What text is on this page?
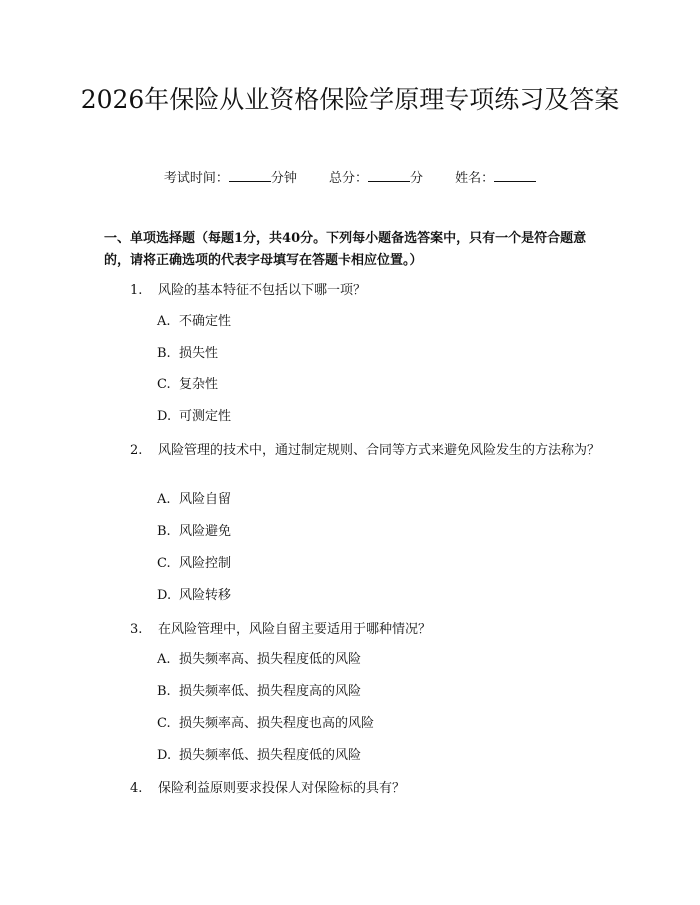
2026年保险从业资格保险学原理专项练习及答案
考试时间：	分钟 总分：	分 姓名：
一、单项选择题（每题1分，共40分。下列每小题备选答案中，只有一个是符合题意的，请将正确选项的代表字母填写在答题卡相应位置。）
1. 风险的基本特征不包括以下哪一项？
A. 不确定性
B. 损失性
C. 复杂性
D. 可测定性
2. 风险管理的技术中，通过制定规则、合同等方式来避免风险发生的方法称为？
A. 风险自留
B. 风险避免
C. 风险控制
D. 风险转移
3. 在风险管理中，风险自留主要适用于哪种情况？
A. 损失频率高、损失程度低的风险
B. 损失频率低、损失程度高的风险
C. 损失频率高、损失程度也高的风险
D. 损失频率低、损失程度低的风险
4. 保险利益原则要求投保人对保险标的具有？
